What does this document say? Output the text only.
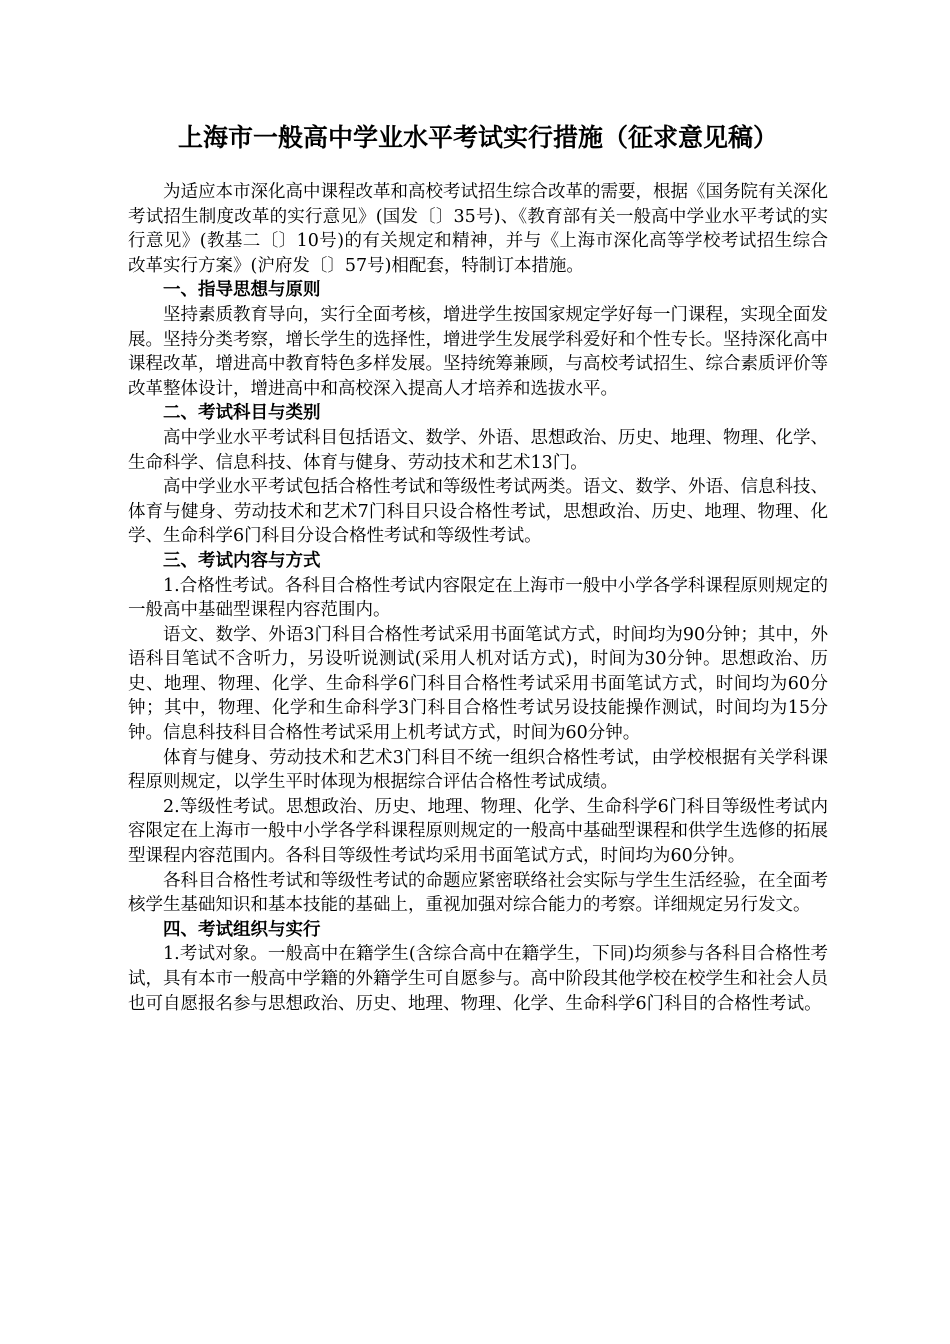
上海市一般高中学业水平考试实行措施（征求意见稿）

为适应本市深化高中课程改革和高校考试招生综合改革的需要，根据《国务院有关深化考试招生制度改革的实行意见》(国发〔〕35号)、《教育部有关一般高中学业水平考试的实行意见》(教基二〔〕10号)的有关规定和精神，并与《上海市深化高等学校考试招生综合改革实行方案》(沪府发〔〕57号)相配套，特制订本措施。

一、指导思想与原则

坚持素质教育导向，实行全面考核，增进学生按国家规定学好每一门课程，实现全面发展。坚持分类考察，增长学生的选择性，增进学生发展学科爱好和个性专长。坚持深化高中课程改革，增进高中教育特色多样发展。坚持统筹兼顾，与高校考试招生、综合素质评价等改革整体设计，增进高中和高校深入提高人才培养和选拔水平。

二、考试科目与类别

高中学业水平考试科目包括语文、数学、外语、思想政治、历史、地理、物理、化学、生命科学、信息科技、体育与健身、劳动技术和艺术13门。

高中学业水平考试包括合格性考试和等级性考试两类。语文、数学、外语、信息科技、体育与健身、劳动技术和艺术7门科目只设合格性考试，思想政治、历史、地理、物理、化学、生命科学6门科目分设合格性考试和等级性考试。

三、考试内容与方式

1.合格性考试。各科目合格性考试内容限定在上海市一般中小学各学科课程原则规定的一般高中基础型课程内容范围内。

语文、数学、外语3门科目合格性考试采用书面笔试方式，时间均为90分钟；其中，外语科目笔试不含听力，另设听说测试(采用人机对话方式)，时间为30分钟。思想政治、历史、地理、物理、化学、生命科学6门科目合格性考试采用书面笔试方式，时间均为60分钟；其中，物理、化学和生命科学3门科目合格性考试另设技能操作测试，时间均为15分钟。信息科技科目合格性考试采用上机考试方式，时间为60分钟。

体育与健身、劳动技术和艺术3门科目不统一组织合格性考试，由学校根据有关学科课程原则规定，以学生平时体现为根据综合评估合格性考试成绩。

2.等级性考试。思想政治、历史、地理、物理、化学、生命科学6门科目等级性考试内容限定在上海市一般中小学各学科课程原则规定的一般高中基础型课程和供学生选修的拓展型课程内容范围内。各科目等级性考试均采用书面笔试方式，时间均为60分钟。

各科目合格性考试和等级性考试的命题应紧密联络社会实际与学生生活经验，在全面考核学生基础知识和基本技能的基础上，重视加强对综合能力的考察。详细规定另行发文。

四、考试组织与实行

1.考试对象。一般高中在籍学生(含综合高中在籍学生，下同)均须参与各科目合格性考试，具有本市一般高中学籍的外籍学生可自愿参与。高中阶段其他学校在校学生和社会人员也可自愿报名参与思想政治、历史、地理、物理、化学、生命科学6门科目的合格性考试。
